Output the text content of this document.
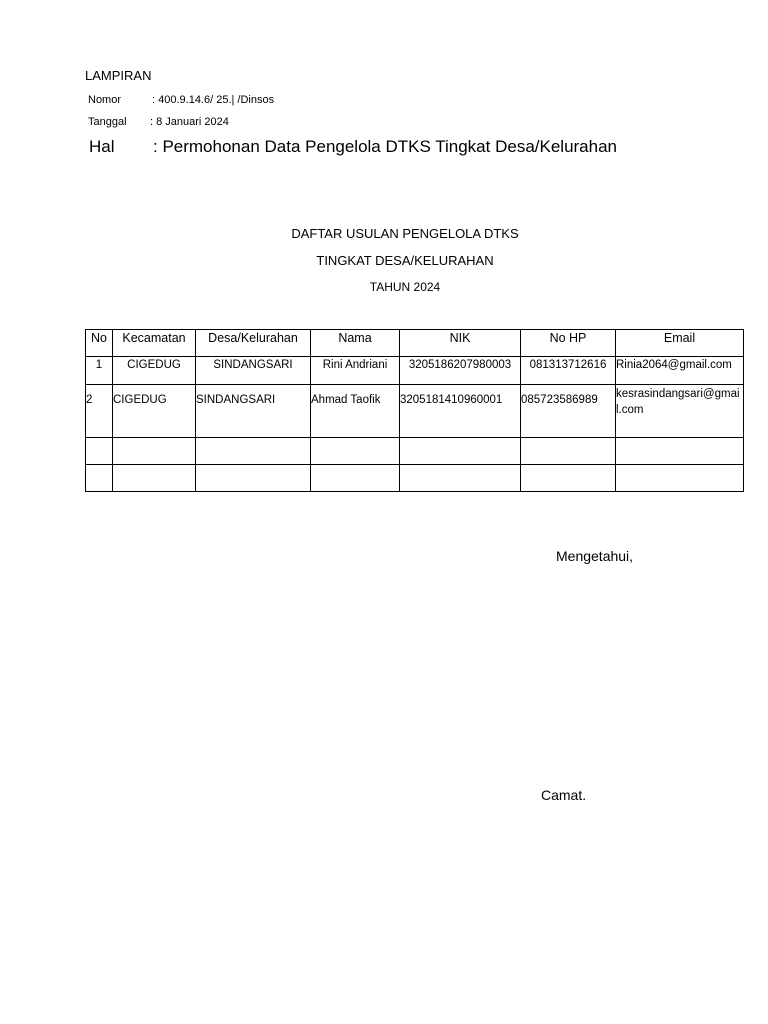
LAMPIRAN
Nomor	: 400.9.14.6/ 25.| /Dinsos
Tanggal : 8 Januari 2024
Hal : Permohonan Data Pengelola DTKS Tingkat Desa/Kelurahan
DAFTAR USULAN PENGELOLA DTKS
TINGKAT DESA/KELURAHAN
TAHUN 2024
No	Kecamatan	Desa/Kelurahan	Nama	NIK	No HP	Email
1	CIGEDUG	SINDANGSARI	Rini Andriani	3205186207980003	081313712616	Rinia2064@gmail.com
2	CIGEDUG	SINDANGSARI	Ahmad Taofik	3205181410960001	085723586989	kesrasindangsari@gmail.com

Mengetahui,
Camat.
